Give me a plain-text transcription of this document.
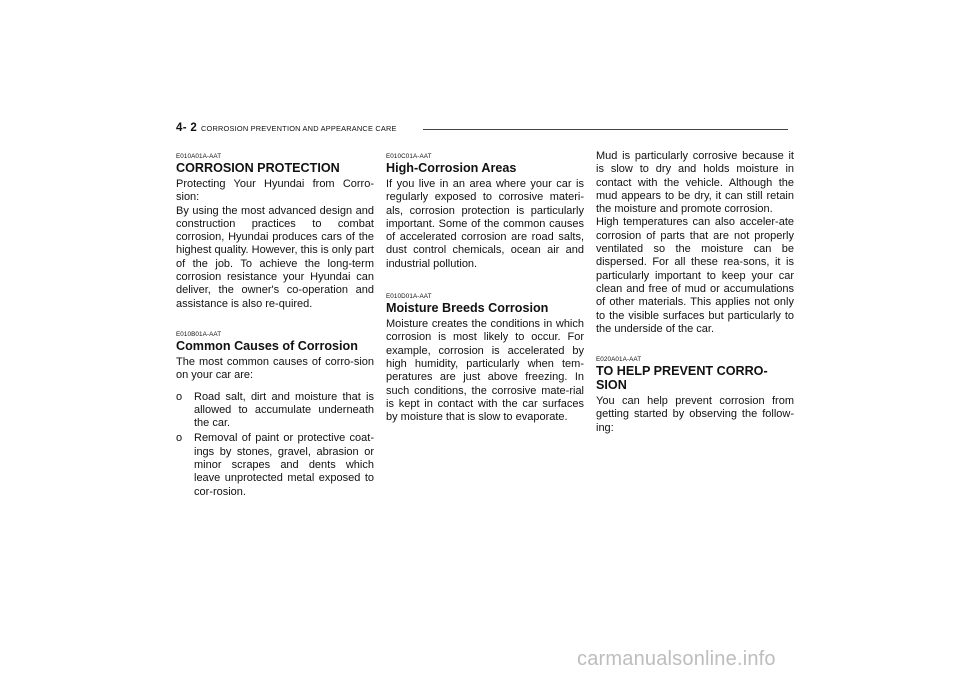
4- 2 CORROSION PREVENTION AND APPEARANCE CARE

E010A01A-AAT

CORROSION PROTECTION

Protecting Your Hyundai from Corro-sion:
By using the most advanced design and construction practices to combat corrosion, Hyundai produces cars of the highest quality. However, this is only part of the job. To achieve the long-term corrosion resistance your Hyundai can deliver, the owner's co-operation and assistance is also re-quired.

E010B01A-AAT

Common Causes of Corrosion

The most common causes of corro-sion on your car are:

o Road salt, dirt and moisture that is allowed to accumulate underneath the car.
o Removal of paint or protective coat-ings by stones, gravel, abrasion or minor scrapes and dents which leave unprotected metal exposed to cor-rosion.

E010C01A-AAT

High-Corrosion Areas

If you live in an area where your car is regularly exposed to corrosive materi-als, corrosion protection is particularly important. Some of the common causes of accelerated corrosion are road salts, dust control chemicals, ocean air and industrial pollution.

E010D01A-AAT

Moisture Breeds Corrosion

Moisture creates the conditions in which corrosion is most likely to occur. For example, corrosion is accelerated by high humidity, particularly when tem-peratures are just above freezing. In such conditions, the corrosive mate-rial is kept in contact with the car surfaces by moisture that is slow to evaporate.

Mud is particularly corrosive because it is slow to dry and holds moisture in contact with the vehicle. Although the mud appears to be dry, it can still retain the moisture and promote corrosion.
High temperatures can also acceler-ate corrosion of parts that are not properly ventilated so the moisture can be dispersed. For all these rea-sons, it is particularly important to keep your car clean and free of mud or accumulations of other materials. This applies not only to the visible surfaces but particularly to the underside of the car.

E020A01A-AAT

TO HELP PREVENT CORRO-SION

You can help prevent corrosion from getting started by observing the follow-ing:

carmanualsonline.info
